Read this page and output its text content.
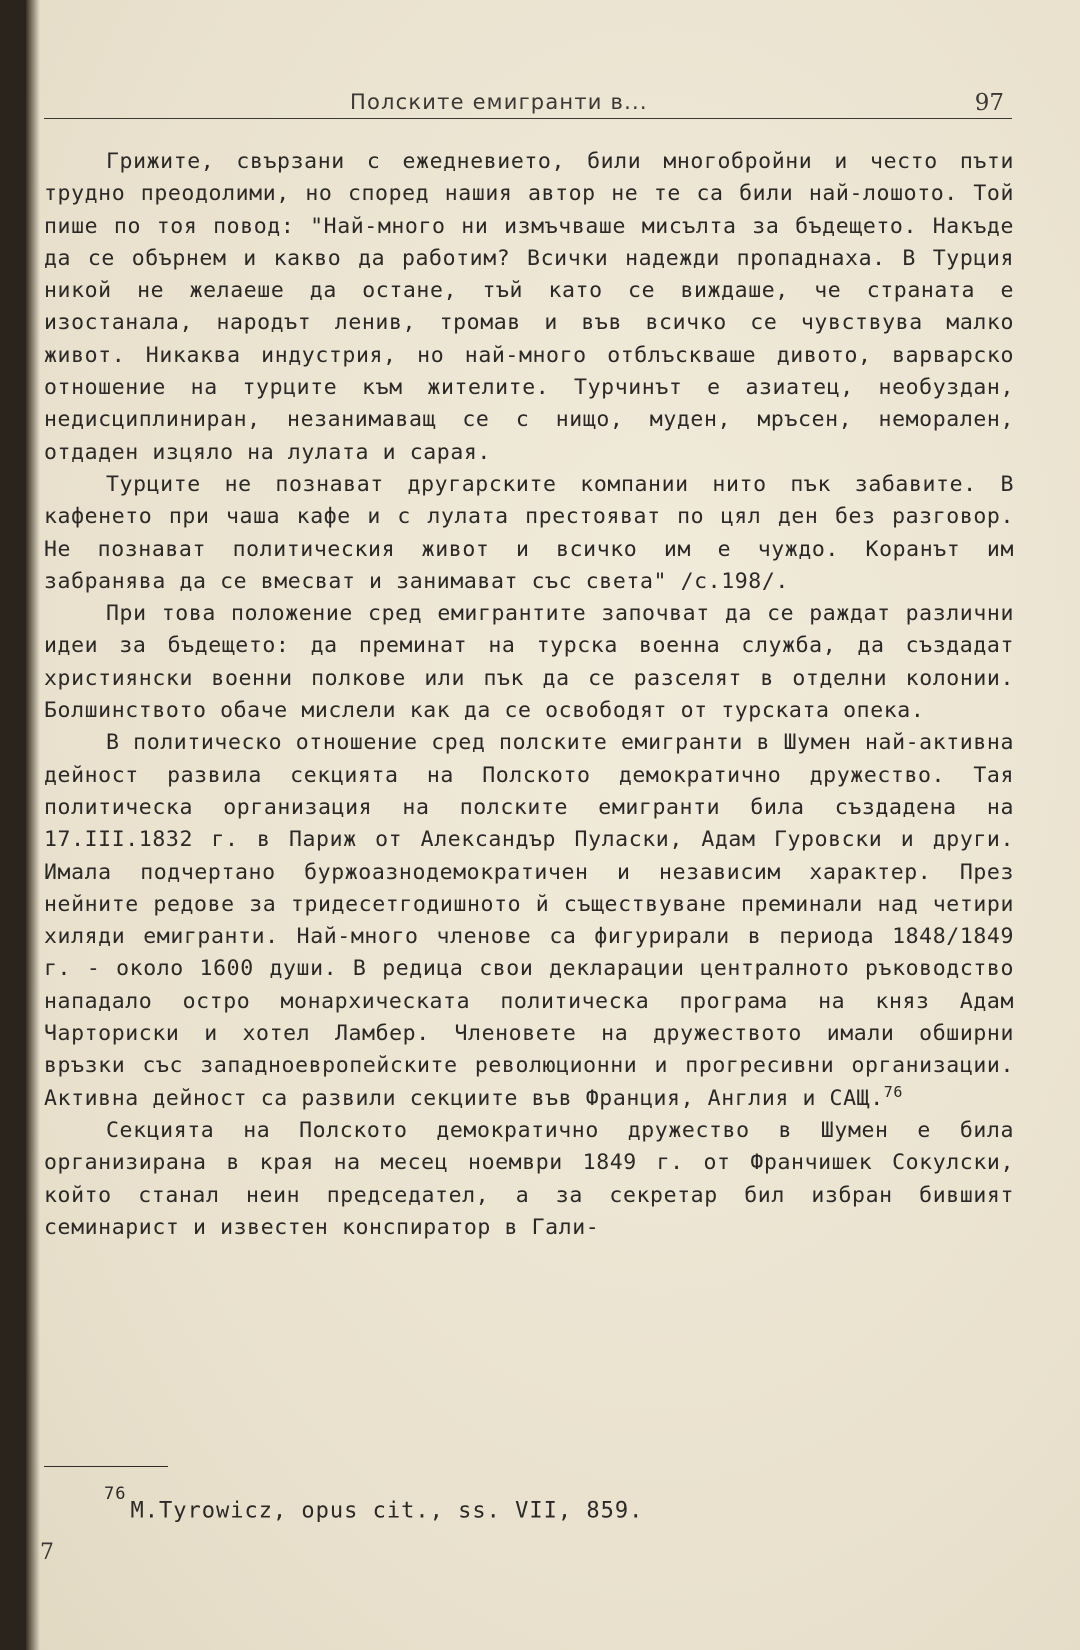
Полските емигранти в...	97

Грижите, свързани с ежедневието, били многобройни и често пъти трудно преодолими, но според нашия автор не те са били най-лошото. Той пише по тоя повод: "Най-много ни измъчваше мисълта за бъдещето. Накъде да се обърнем и какво да работим? Всички надежди пропаднаха. В Турция никой не желаеше да остане, тъй като се виждаше, че страната е изостанала, народът ленив, тромав и във всичко се чувствува малко живот. Никаква индустрия, но най-много отблъскваше дивото, варварско отношение на турците към жителите. Турчинът е азиатец, необуздан, недисциплиниран, незанимаващ се с нищо, муден, мръсен, неморален, отдаден изцяло на лулата и сарая.

Турците не познават другарските компании нито пък забавите. В кафенето при чаша кафе и с лулата престояват по цял ден без разговор. Не познават политическия живот и всичко им е чуждо. Коранът им забранява да се вмесват и занимават със света" /с.198/.

При това положение сред емигрантите започват да се раждат различни идеи за бъдещето: да преминат на турска военна служба, да създадат християнски военни полкове или пък да се разселят в отделни колонии. Болшинството обаче мислели как да се освободят от турската опека.

В политическо отношение сред полските емигранти в Шумен най-активна дейност развила секцията на Полското демократично дружество. Тая политическа организация на полските емигранти била създадена на 17.III.1832 г. в Париж от Александър Пуласки, Адам Гуровски и други. Имала подчертано буржоазнодемократичен и независим характер. През нейните редове за тридесетгодишното й съществуване преминали над четири хиляди емигранти. Най-много членове са фигурирали в периода 1848/1849 г. - около 1600 души. В редица свои декларации централното ръководство нападало остро монархическата политическа програма на княз Адам Чарториски и хотел Ламбер. Членовете на дружеството имали обширни връзки със западноевропейските революционни и прогресивни организации. Активна дейност са развили секциите във Франция, Англия и САЩ.$^{76}$

Секцията на Полското демократично дружество в Шумен е била организирана в края на месец ноември 1849 г. от Франчишек Сокулски, който станал неин председател, а за секретар бил избран бившият семинарист и известен конспиратор в Гали-

$^{76}$M.Tyrowicz, opus cit., ss. VII, 859.
7
